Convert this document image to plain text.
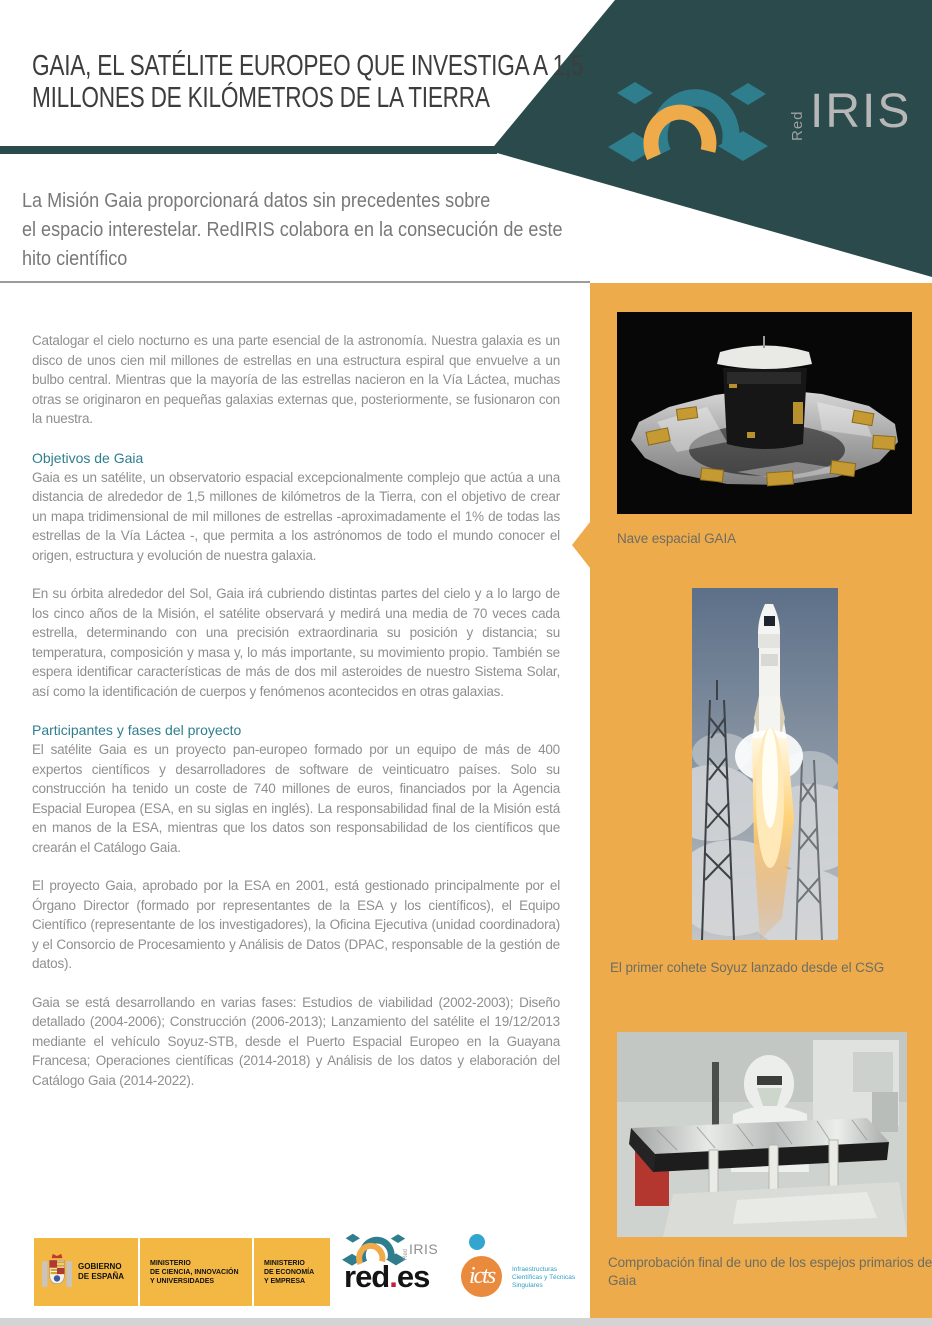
GAIA, EL SATÉLITE EUROPEO QUE INVESTIGA A 1,5
MILLONES DE KILÓMETROS DE LA TIERRA
Red IRIS
La Misión Gaia proporcionará datos sin precedentes sobre
el espacio interestelar. RedIRIS colabora en la consecución de este
hito científico

Catalogar el cielo nocturno es una parte esencial de la astronomía. Nuestra galaxia es un disco de unos cien mil millones de estrellas en una estructura espiral que envuelve a un bulbo central. Mientras que la mayoría de las estrellas nacieron en la Vía Láctea, muchas otras se originaron en pequeñas galaxias externas que, posteriormente, se fusionaron con la nuestra.

Objetivos de Gaia

Gaia es un satélite, un observatorio espacial excepcionalmente complejo que actúa a una distancia de alrededor de 1,5 millones de kilómetros de la Tierra, con el objetivo de crear un mapa tridimensional de mil millones de estrellas -aproximadamente el 1% de todas las estrellas de la Vía Láctea -, que permita a los astrónomos de todo el mundo conocer el origen, estructura y evolución de nuestra galaxia.

En su órbita alrededor del Sol, Gaia irá cubriendo distintas partes del cielo y a lo largo de los cinco años de la Misión, el satélite observará y medirá una media de 70 veces cada estrella, determinando con una precisión extraordinaria su posición y distancia; su temperatura, composición y masa y, lo más importante, su movimiento propio. También se espera identificar características de más de dos mil asteroides de nuestro Sistema Solar, así como la identificación de cuerpos y fenómenos acontecidos en otras galaxias.

Participantes y fases del proyecto

El satélite Gaia es un proyecto pan-europeo formado por un equipo de más de 400 expertos científicos y desarrolladores de software de veinticuatro países. Solo su construcción ha tenido un coste de 740 millones de euros, financiados por la Agencia Espacial Europea (ESA, en su siglas en inglés). La responsabilidad final de la Misión está en manos de la ESA, mientras que los datos son responsabilidad de los científicos que crearán el Catálogo Gaia.

El proyecto Gaia, aprobado por la ESA en 2001, está gestionado principalmente por el Órgano Director (formado por representantes de la ESA y los científicos), el Equipo Científico (representante de los investigadores), la Oficina Ejecutiva (unidad coordinadora) y el Consorcio de Procesamiento y Análisis de Datos (DPAC, responsable de la gestión de datos).

Gaia se está desarrollando en varias fases: Estudios de viabilidad (2002-2003); Diseño detallado (2004-2006); Construcción (2006-2013); Lanzamiento del satélite el 19/12/2013 mediante el vehículo Soyuz-STB, desde el Puerto Espacial Europeo en la Guayana Francesa; Operaciones científicas (2014-2018) y Análisis de los datos y elaboración del Catálogo Gaia (2014-2022).

Nave espacial GAIA
El primer cohete Soyuz lanzado desde el CSG
Comprobación final de uno de los espejos primarios de Gaia
GOBIERNO
DE ESPAÑA
MINISTERIO
DE CIENCIA, INNOVACIÓN
Y UNIVERSIDADES
MINISTERIO
DE ECONOMÍA
Y EMPRESA
Red IRIS
red.es icts	Infraestructuras
Científicas y Técnicas
Singulares
